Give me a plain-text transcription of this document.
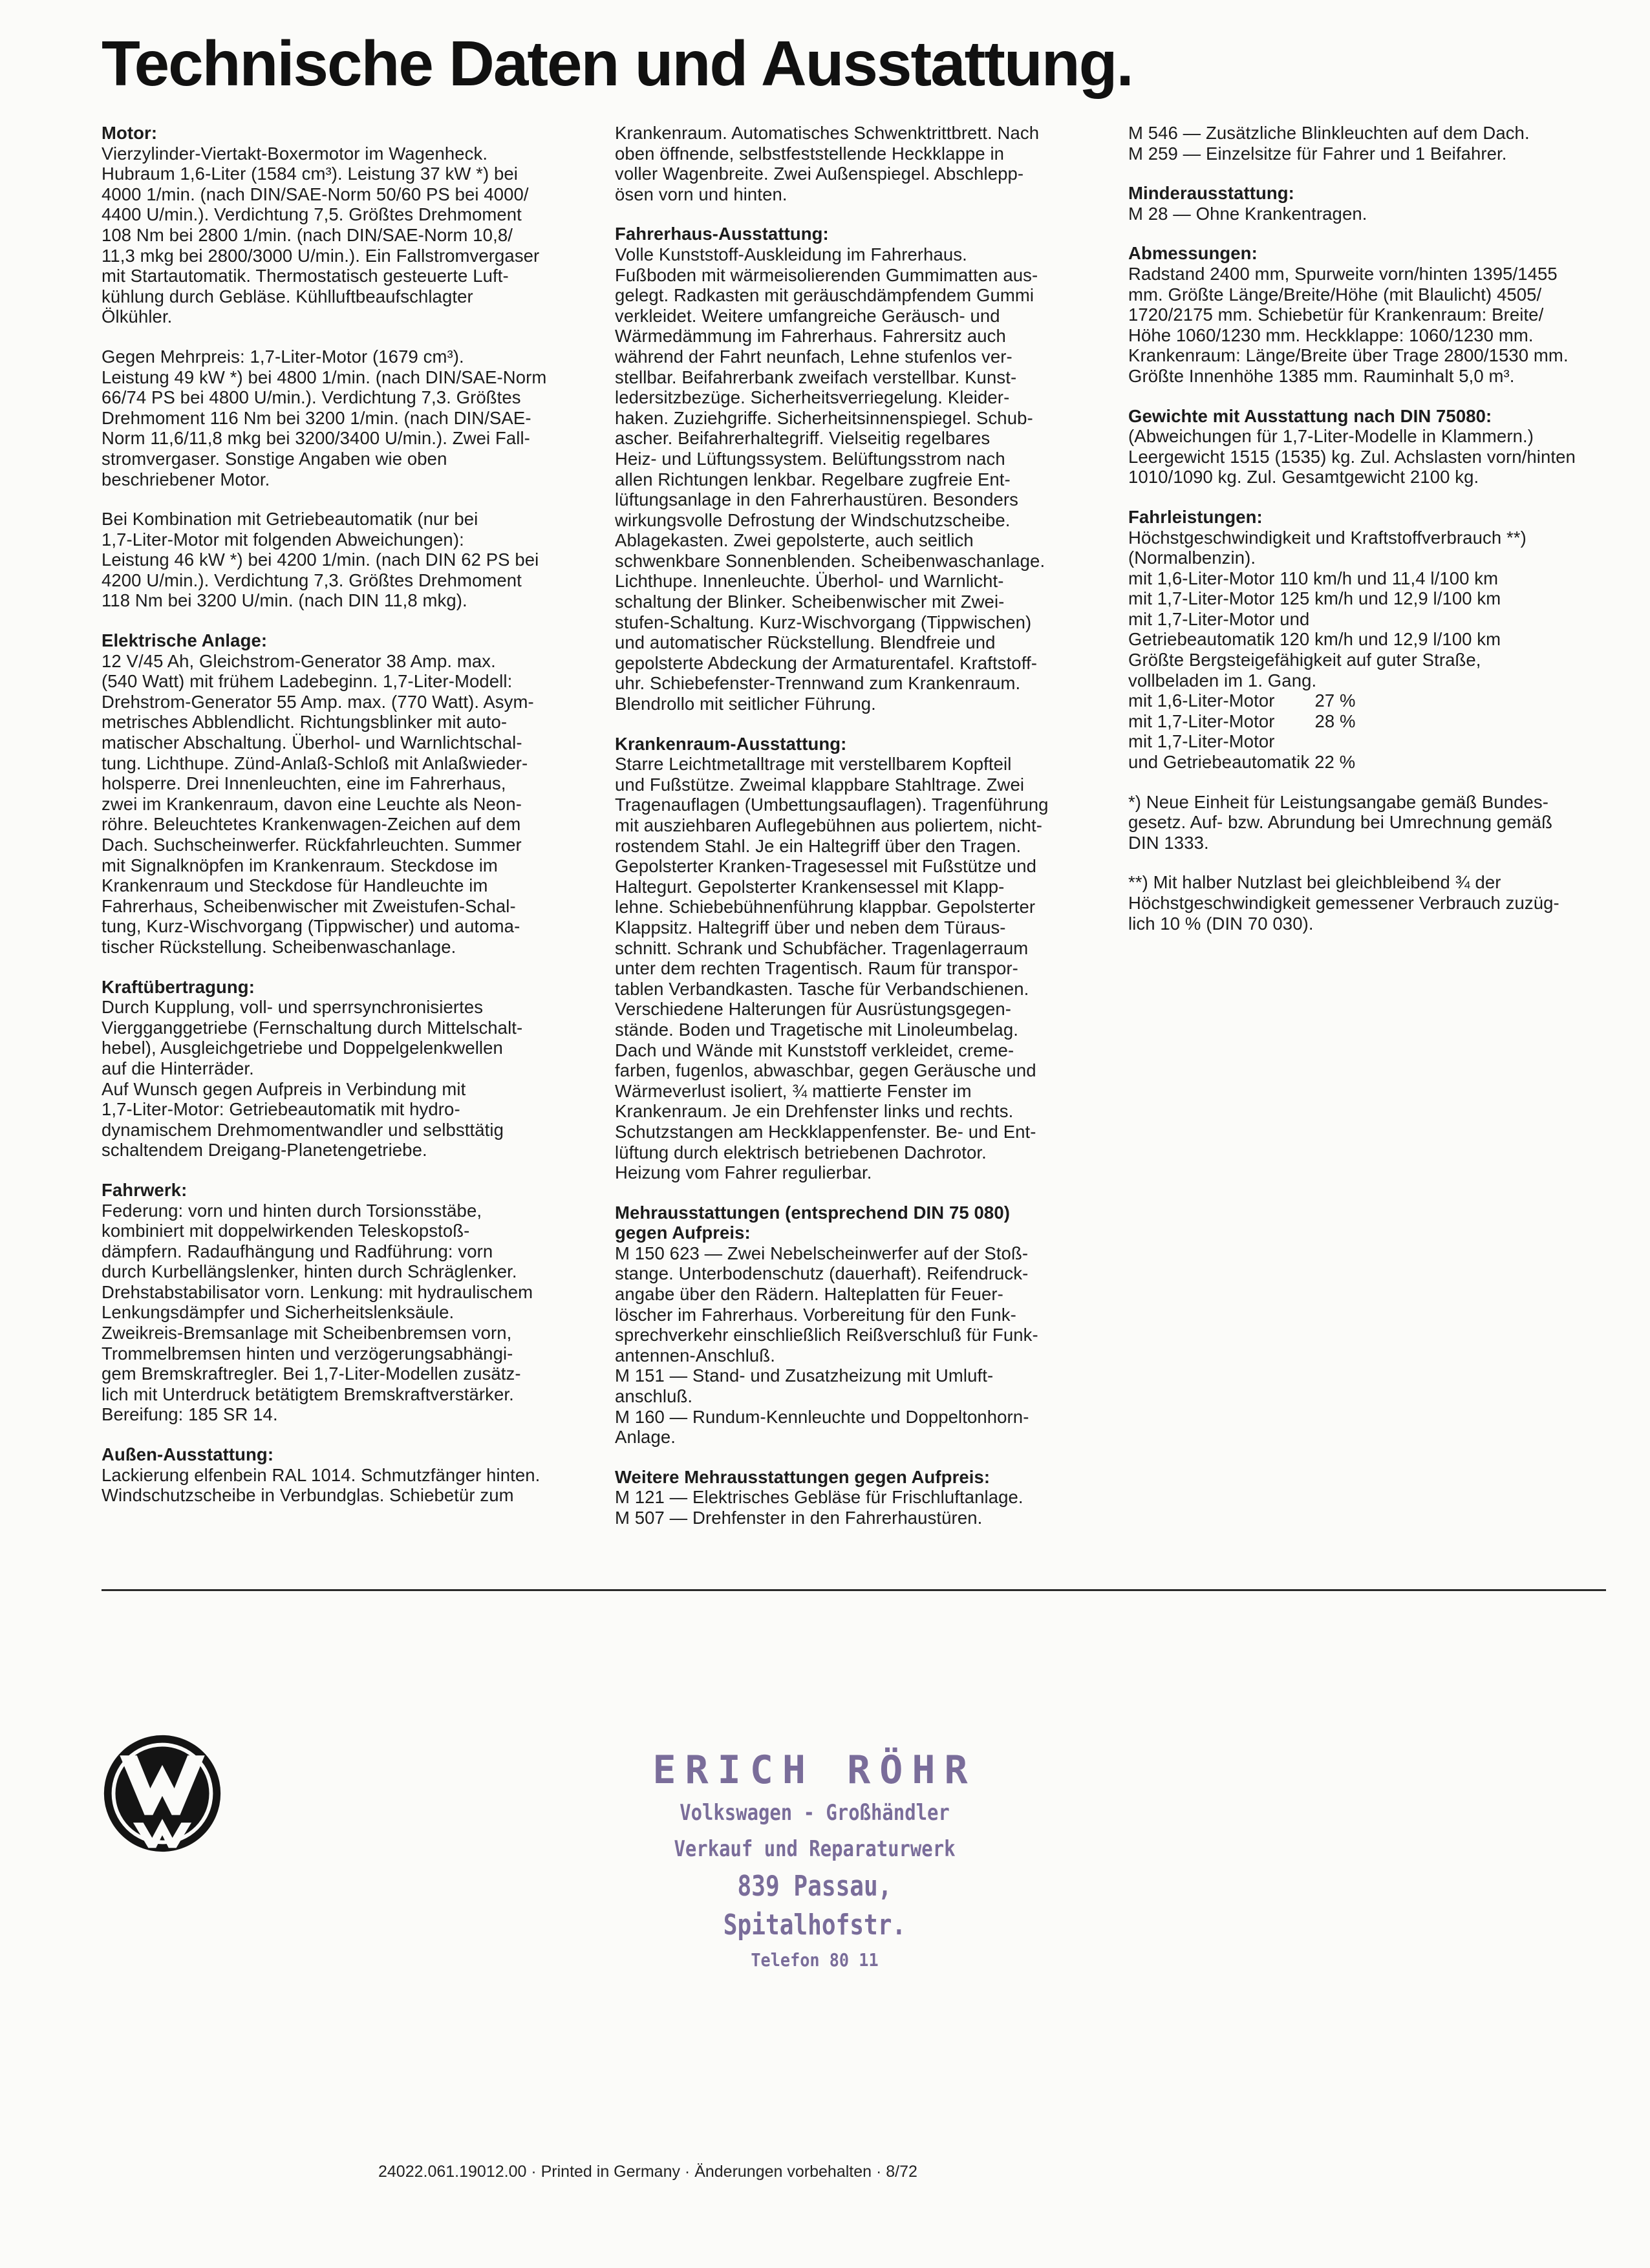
Technische Daten und Ausstattung.
Motor:
Vierzylinder-Viertakt-Boxermotor im Wagenheck.
Hubraum 1,6-Liter (1584 cm³). Leistung 37 kW *) bei
4000 1/min. (nach DIN/SAE-Norm 50/60 PS bei 4000/
4400 U/min.). Verdichtung 7,5. Größtes Drehmoment
108 Nm bei 2800 1/min. (nach DIN/SAE-Norm 10,8/
11,3 mkg bei 2800/3000 U/min.). Ein Fallstromvergaser
mit Startautomatik. Thermostatisch gesteuerte Luft-
kühlung durch Gebläse. Kühlluftbeaufschlagter
Ölkühler.
Gegen Mehrpreis: 1,7-Liter-Motor (1679 cm³).
Leistung 49 kW *) bei 4800 1/min. (nach DIN/SAE-Norm
66/74 PS bei 4800 U/min.). Verdichtung 7,3. Größtes
Drehmoment 116 Nm bei 3200 1/min. (nach DIN/SAE-
Norm 11,6/11,8 mkg bei 3200/3400 U/min.). Zwei Fall-
stromvergaser. Sonstige Angaben wie oben
beschriebener Motor.
Bei Kombination mit Getriebeautomatik (nur bei
1,7-Liter-Motor mit folgenden Abweichungen):
Leistung 46 kW *) bei 4200 1/min. (nach DIN 62 PS bei
4200 U/min.). Verdichtung 7,3. Größtes Drehmoment
118 Nm bei 3200 U/min. (nach DIN 11,8 mkg).
Elektrische Anlage:
12 V/45 Ah, Gleichstrom-Generator 38 Amp. max.
(540 Watt) mit frühem Ladebeginn. 1,7-Liter-Modell:
Drehstrom-Generator 55 Amp. max. (770 Watt). Asym-
metrisches Abblendlicht. Richtungsblinker mit auto-
matischer Abschaltung. Überhol- und Warnlichtschal-
tung. Lichthupe. Zünd-Anlaß-Schloß mit Anlaßwieder-
holsperre. Drei Innenleuchten, eine im Fahrerhaus,
zwei im Krankenraum, davon eine Leuchte als Neon-
röhre. Beleuchtetes Krankenwagen-Zeichen auf dem
Dach. Suchscheinwerfer. Rückfahrleuchten. Summer
mit Signalknöpfen im Krankenraum. Steckdose im
Krankenraum und Steckdose für Handleuchte im
Fahrerhaus, Scheibenwischer mit Zweistufen-Schal-
tung, Kurz-Wischvorgang (Tippwischer) und automa-
tischer Rückstellung. Scheibenwaschanlage.
Kraftübertragung:
Durch Kupplung, voll- und sperrsynchronisiertes
Viergganggetriebe (Fernschaltung durch Mittelschalt-
hebel), Ausgleichgetriebe und Doppelgelenkwellen
auf die Hinterräder.
Auf Wunsch gegen Aufpreis in Verbindung mit
1,7-Liter-Motor: Getriebeautomatik mit hydro-
dynamischem Drehmomentwandler und selbsttätig
schaltendem Dreigang-Planetengetriebe.
Fahrwerk:
Federung: vorn und hinten durch Torsionsstäbe,
kombiniert mit doppelwirkenden Teleskopstoß-
dämpfern. Radaufhängung und Radführung: vorn
durch Kurbellängslenker, hinten durch Schräglenker.
Drehstabstabilisator vorn. Lenkung: mit hydraulischem
Lenkungsdämpfer und Sicherheitslenksäule.
Zweikreis-Bremsanlage mit Scheibenbremsen vorn,
Trommelbremsen hinten und verzögerungsabhängi-
gem Bremskraftregler. Bei 1,7-Liter-Modellen zusätz-
lich mit Unterdruck betätigtem Bremskraftverstärker.
Bereifung: 185 SR 14.
Außen-Ausstattung:
Lackierung elfenbein RAL 1014. Schmutzfänger hinten.
Windschutzscheibe in Verbundglas. Schiebetür zum
Krankenraum. Automatisches Schwenktrittbrett. Nach
oben öffnende, selbstfeststellende Heckklappe in
voller Wagenbreite. Zwei Außenspiegel. Abschlepp-
ösen vorn und hinten.
Fahrerhaus-Ausstattung:
Volle Kunststoff-Auskleidung im Fahrerhaus.
Fußboden mit wärmeisolierenden Gummimatten aus-
gelegt. Radkasten mit geräuschdämpfendem Gummi
verkleidet. Weitere umfangreiche Geräusch- und
Wärmedämmung im Fahrerhaus. Fahrersitz auch
während der Fahrt neunfach, Lehne stufenlos ver-
stellbar. Beifahrerbank zweifach verstellbar. Kunst-
ledersitzbezüge. Sicherheitsverriegelung. Kleider-
haken. Zuziehgriffe. Sicherheitsinnenspiegel. Schub-
ascher. Beifahrerhaltegriff. Vielseitig regelbares
Heiz- und Lüftungssystem. Belüftungsstrom nach
allen Richtungen lenkbar. Regelbare zugfreie Ent-
lüftungsanlage in den Fahrerhaustüren. Besonders
wirkungsvolle Defrostung der Windschutzscheibe.
Ablagekasten. Zwei gepolsterte, auch seitlich
schwenkbare Sonnenblenden. Scheibenwaschanlage.
Lichthupe. Innenleuchte. Überhol- und Warnlicht-
schaltung der Blinker. Scheibenwischer mit Zwei-
stufen-Schaltung. Kurz-Wischvorgang (Tippwischen)
und automatischer Rückstellung. Blendfreie und
gepolsterte Abdeckung der Armaturentafel. Kraftstoff-
uhr. Schiebefenster-Trennwand zum Krankenraum.
Blendrollo mit seitlicher Führung.
Krankenraum-Ausstattung:
Starre Leichtmetalltrage mit verstellbarem Kopfteil
und Fußstütze. Zweimal klappbare Stahltrage. Zwei
Tragenauflagen (Umbettungsauflagen). Tragenführung
mit ausziehbaren Auflegebühnen aus poliertem, nicht-
rostendem Stahl. Je ein Haltegriff über den Tragen.
Gepolsterter Kranken-Tragesessel mit Fußstütze und
Haltegurt. Gepolsterter Krankensessel mit Klapp-
lehne. Schiebebühnenführung klappbar. Gepolsterter
Klappsitz. Haltegriff über und neben dem Türaus-
schnitt. Schrank und Schubfächer. Tragenlagerraum
unter dem rechten Tragentisch. Raum für transpor-
tablen Verbandkasten. Tasche für Verbandschienen.
Verschiedene Halterungen für Ausrüstungsgegen-
stände. Boden und Tragetische mit Linoleumbelag.
Dach und Wände mit Kunststoff verkleidet, creme-
farben, fugenlos, abwaschbar, gegen Geräusche und
Wärmeverlust isoliert, ¾ mattierte Fenster im
Krankenraum. Je ein Drehfenster links und rechts.
Schutzstangen am Heckklappenfenster. Be- und Ent-
lüftung durch elektrisch betriebenen Dachrotor.
Heizung vom Fahrer regulierbar.
Mehrausstattungen (entsprechend DIN 75 080)
gegen Aufpreis:
M 150 623 — Zwei Nebelscheinwerfer auf der Stoß-
stange. Unterbodenschutz (dauerhaft). Reifendruck-
angabe über den Rädern. Halteplatten für Feuer-
löscher im Fahrerhaus. Vorbereitung für den Funk-
sprechverkehr einschließlich Reißverschluß für Funk-
antennen-Anschluß.
M 151 — Stand- und Zusatzheizung mit Umluft-
anschluß.
M 160 — Rundum-Kennleuchte und Doppeltonhorn-
Anlage.
Weitere Mehrausstattungen gegen Aufpreis:
M 121 — Elektrisches Gebläse für Frischluftanlage.
M 507 — Drehfenster in den Fahrerhaustüren.
M 546 — Zusätzliche Blinkleuchten auf dem Dach.
M 259 — Einzelsitze für Fahrer und 1 Beifahrer.
Minderausstattung:
M 28 — Ohne Krankentragen.
Abmessungen:
Radstand 2400 mm, Spurweite vorn/hinten 1395/1455
mm. Größte Länge/Breite/Höhe (mit Blaulicht) 4505/
1720/2175 mm. Schiebetür für Krankenraum: Breite/
Höhe 1060/1230 mm. Heckklappe: 1060/1230 mm.
Krankenraum: Länge/Breite über Trage 2800/1530 mm.
Größte Innenhöhe 1385 mm. Rauminhalt 5,0 m³.
Gewichte mit Ausstattung nach DIN 75080:
(Abweichungen für 1,7-Liter-Modelle in Klammern.)
Leergewicht 1515 (1535) kg. Zul. Achslasten vorn/hinten
1010/1090 kg. Zul. Gesamtgewicht 2100 kg.
Fahrleistungen:
Höchstgeschwindigkeit und Kraftstoffverbrauch **)
(Normalbenzin).
mit 1,6-Liter-Motor 110 km/h und 11,4 l/100 km
mit 1,7-Liter-Motor 125 km/h und 12,9 l/100 km
mit 1,7-Liter-Motor und
Getriebeautomatik 120 km/h und 12,9 l/100 km
Größte Bergsteigefähigkeit auf guter Straße,
vollbeladen im 1. Gang.
mit 1,6-Liter-Motor        27 %
mit 1,7-Liter-Motor        28 %
mit 1,7-Liter-Motor
und Getriebeautomatik 22 %
*) Neue Einheit für Leistungsangabe gemäß Bundes-
gesetz. Auf- bzw. Abrundung bei Umrechnung gemäß
DIN 1333.
**) Mit halber Nutzlast bei gleichbleibend ¾ der
Höchstgeschwindigkeit gemessener Verbrauch zuzüg-
lich 10 % (DIN 70 030).
ERICH RÖHR
Volkswagen - Großhändler
Verkauf und Reparaturwerk
839 Passau, Spitalhofstr.
Telefon 80 11
24022.061.19012.00 · Printed in Germany · Änderungen vorbehalten · 8/72
